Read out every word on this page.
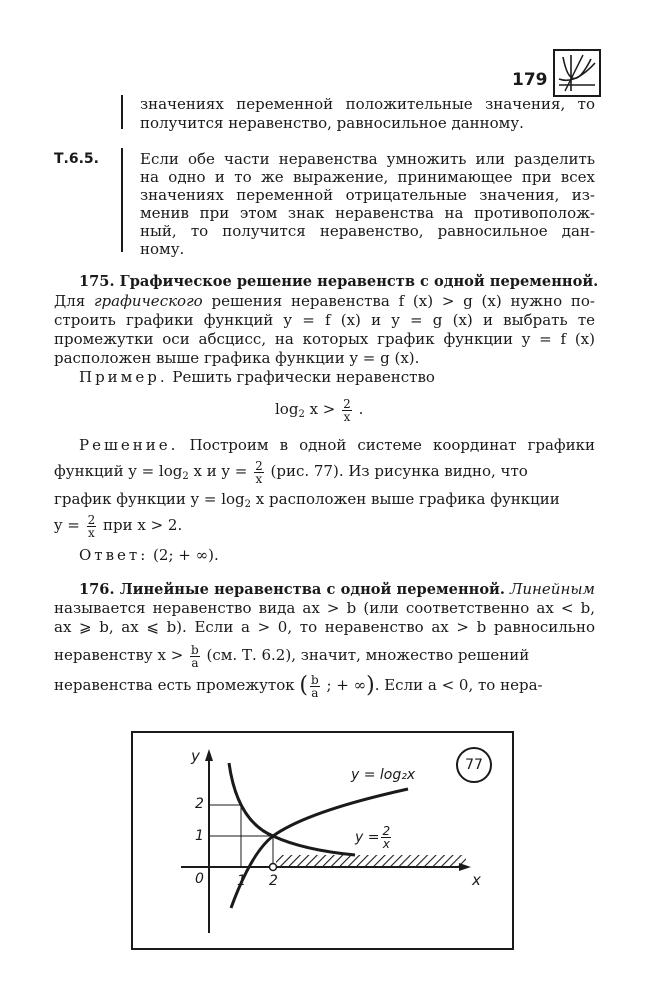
179
значениях переменной положительные значения, то
получится неравенство, равносильное данному.
Т.6.5.	Если обе части неравенства умножить или разделить
на одно и то же выражение, принимающее при всех
значениях переменной отрицательные значения, из-
менив при этом знак неравенства на противополож-
ный, то получится неравенство, равносильное дан-
ному.
175. Графическое решение неравенств с одной переменной.
Для графического решения неравенства f (x) > g (x) нужно по-
строить графики функций y = f (x) и y = g (x) и выбрать те
промежутки оси абсцисс, на которых график функции y = f (x)
расположен выше графика функции y = g (x).
Пример. Решить графически неравенство
$\log_2 x > \frac{2}{x}$ .
Решение. Построим в одной системе координат графики
функций $y = \log_2 x$ и $y = \frac{2}{x} (рис$. 77). Из рисунка видно, что
график функции $y = \log_2 x$ расположен выше графика функции
$y = \frac{2}{x}$ при x > 2.
Ответ: (2; + ∞).
176. Линейные неравенства с одной переменной. Линейным
называется неравенство вида ax > b (или соответственно ax < b,
ax ⩾ b, ax ⩽ b). Если a > 0, то неравенство ax > b равносильно
неравенству $x > \frac{b}{a} (см$. Т. 6.2), значит, множество решений
неравенства есть промежуток ( $\frac{b}{a}$ ; + ∞). Если a < 0, то нера-
77
y
x
0
2
1
1 2
y = log₂x
$y = \frac{2}{x}$
